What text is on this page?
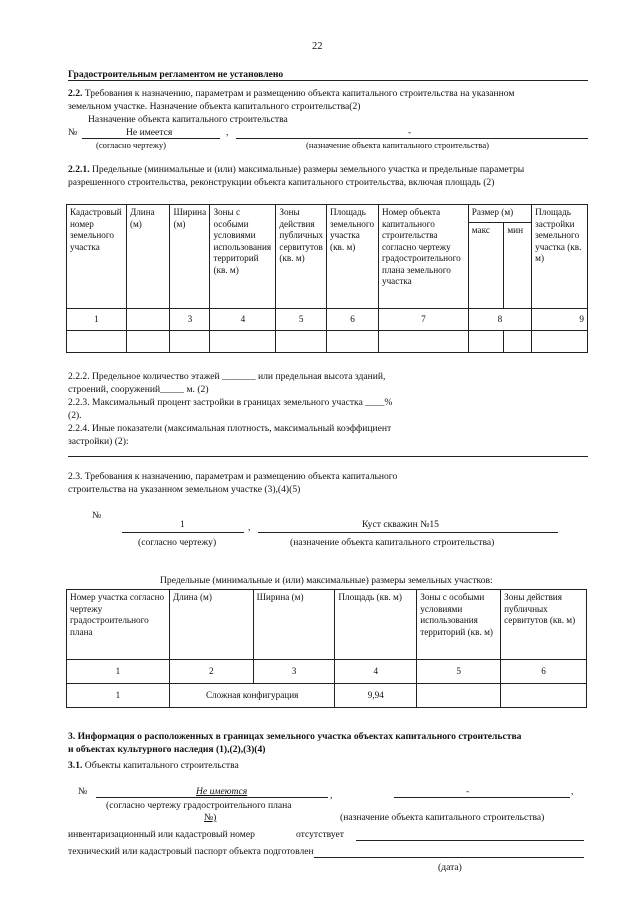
22
Градостроительным регламентом не установлено
2.2. Требования к назначению, параметрам и размещению объекта капитального строительства на указанном
земельном участке. Назначение объекта капитального строительства(2)
Назначение объекта капитального строительства
№	Не имеется	,	-
(согласно чертежу)	(назначение объекта капитального строительства)
2.2.1. Предельные (минимальные и (или) максимальные) размеры земельного участка и предельные параметры
разрешенного строительства, реконструкции объекта капитального строительства, включая площадь (2)
Кадастровый номер земельного участка	Длина (м)	Ширина (м)	Зоны с особыми условиями использования территорий (кв. м)	Зоны действия публичных сервитутов (кв. м)	Площадь земельного участка (кв. м)	Номер объекта капитального строительства согласно чертежу градостроительного плана земельного участка	Размер (м)		Площадь застройки земельного участка (кв. м)
							макс	мин	
1		3	4	5	6	7	8		9

2.2.2. Предельное количество этажей _______ или предельная высота зданий,
строений, сооружений_____ м. (2)
2.2.3. Максимальный процент застройки в границах земельного участка ____%
(2).
2.2.4. Иные показатели (максимальная плотность, максимальный коэффициент
застройки) (2):
2.3. Требования к назначению, параметрам и размещению объекта капитального
строительства на указанном земельном участке (3),(4)(5)
№
1	,	Куст скважин №15
(согласно чертежу)	(назначение объекта капитального строительства)
Предельные (минимальные и (или) максимальные) размеры земельных участков:
Номер участка согласно чертежу градостроительного плана	Длина (м)	Ширина (м)	Площадь (кв. м)	Зоны с особыми условиями использования территорий (кв. м)	Зоны действия публичных сервитутов (кв. м)
1	2	3	4	5	6
1	Сложная конфигурация		9,94		
3. Информация о расположенных в границах земельного участка объектах капитального строительства
и объектах культурного наследия (1),(2),(3)(4)
3.1. Объекты капитального строительства
№	Не имеются	,	-	,
(согласно чертежу градостроительного плана
№)	(назначение объекта капитального строительства)
инвентаризационный или кадастровый номер	отсутствует
технический или кадастровый паспорт объекта подготовлен
(дата)
